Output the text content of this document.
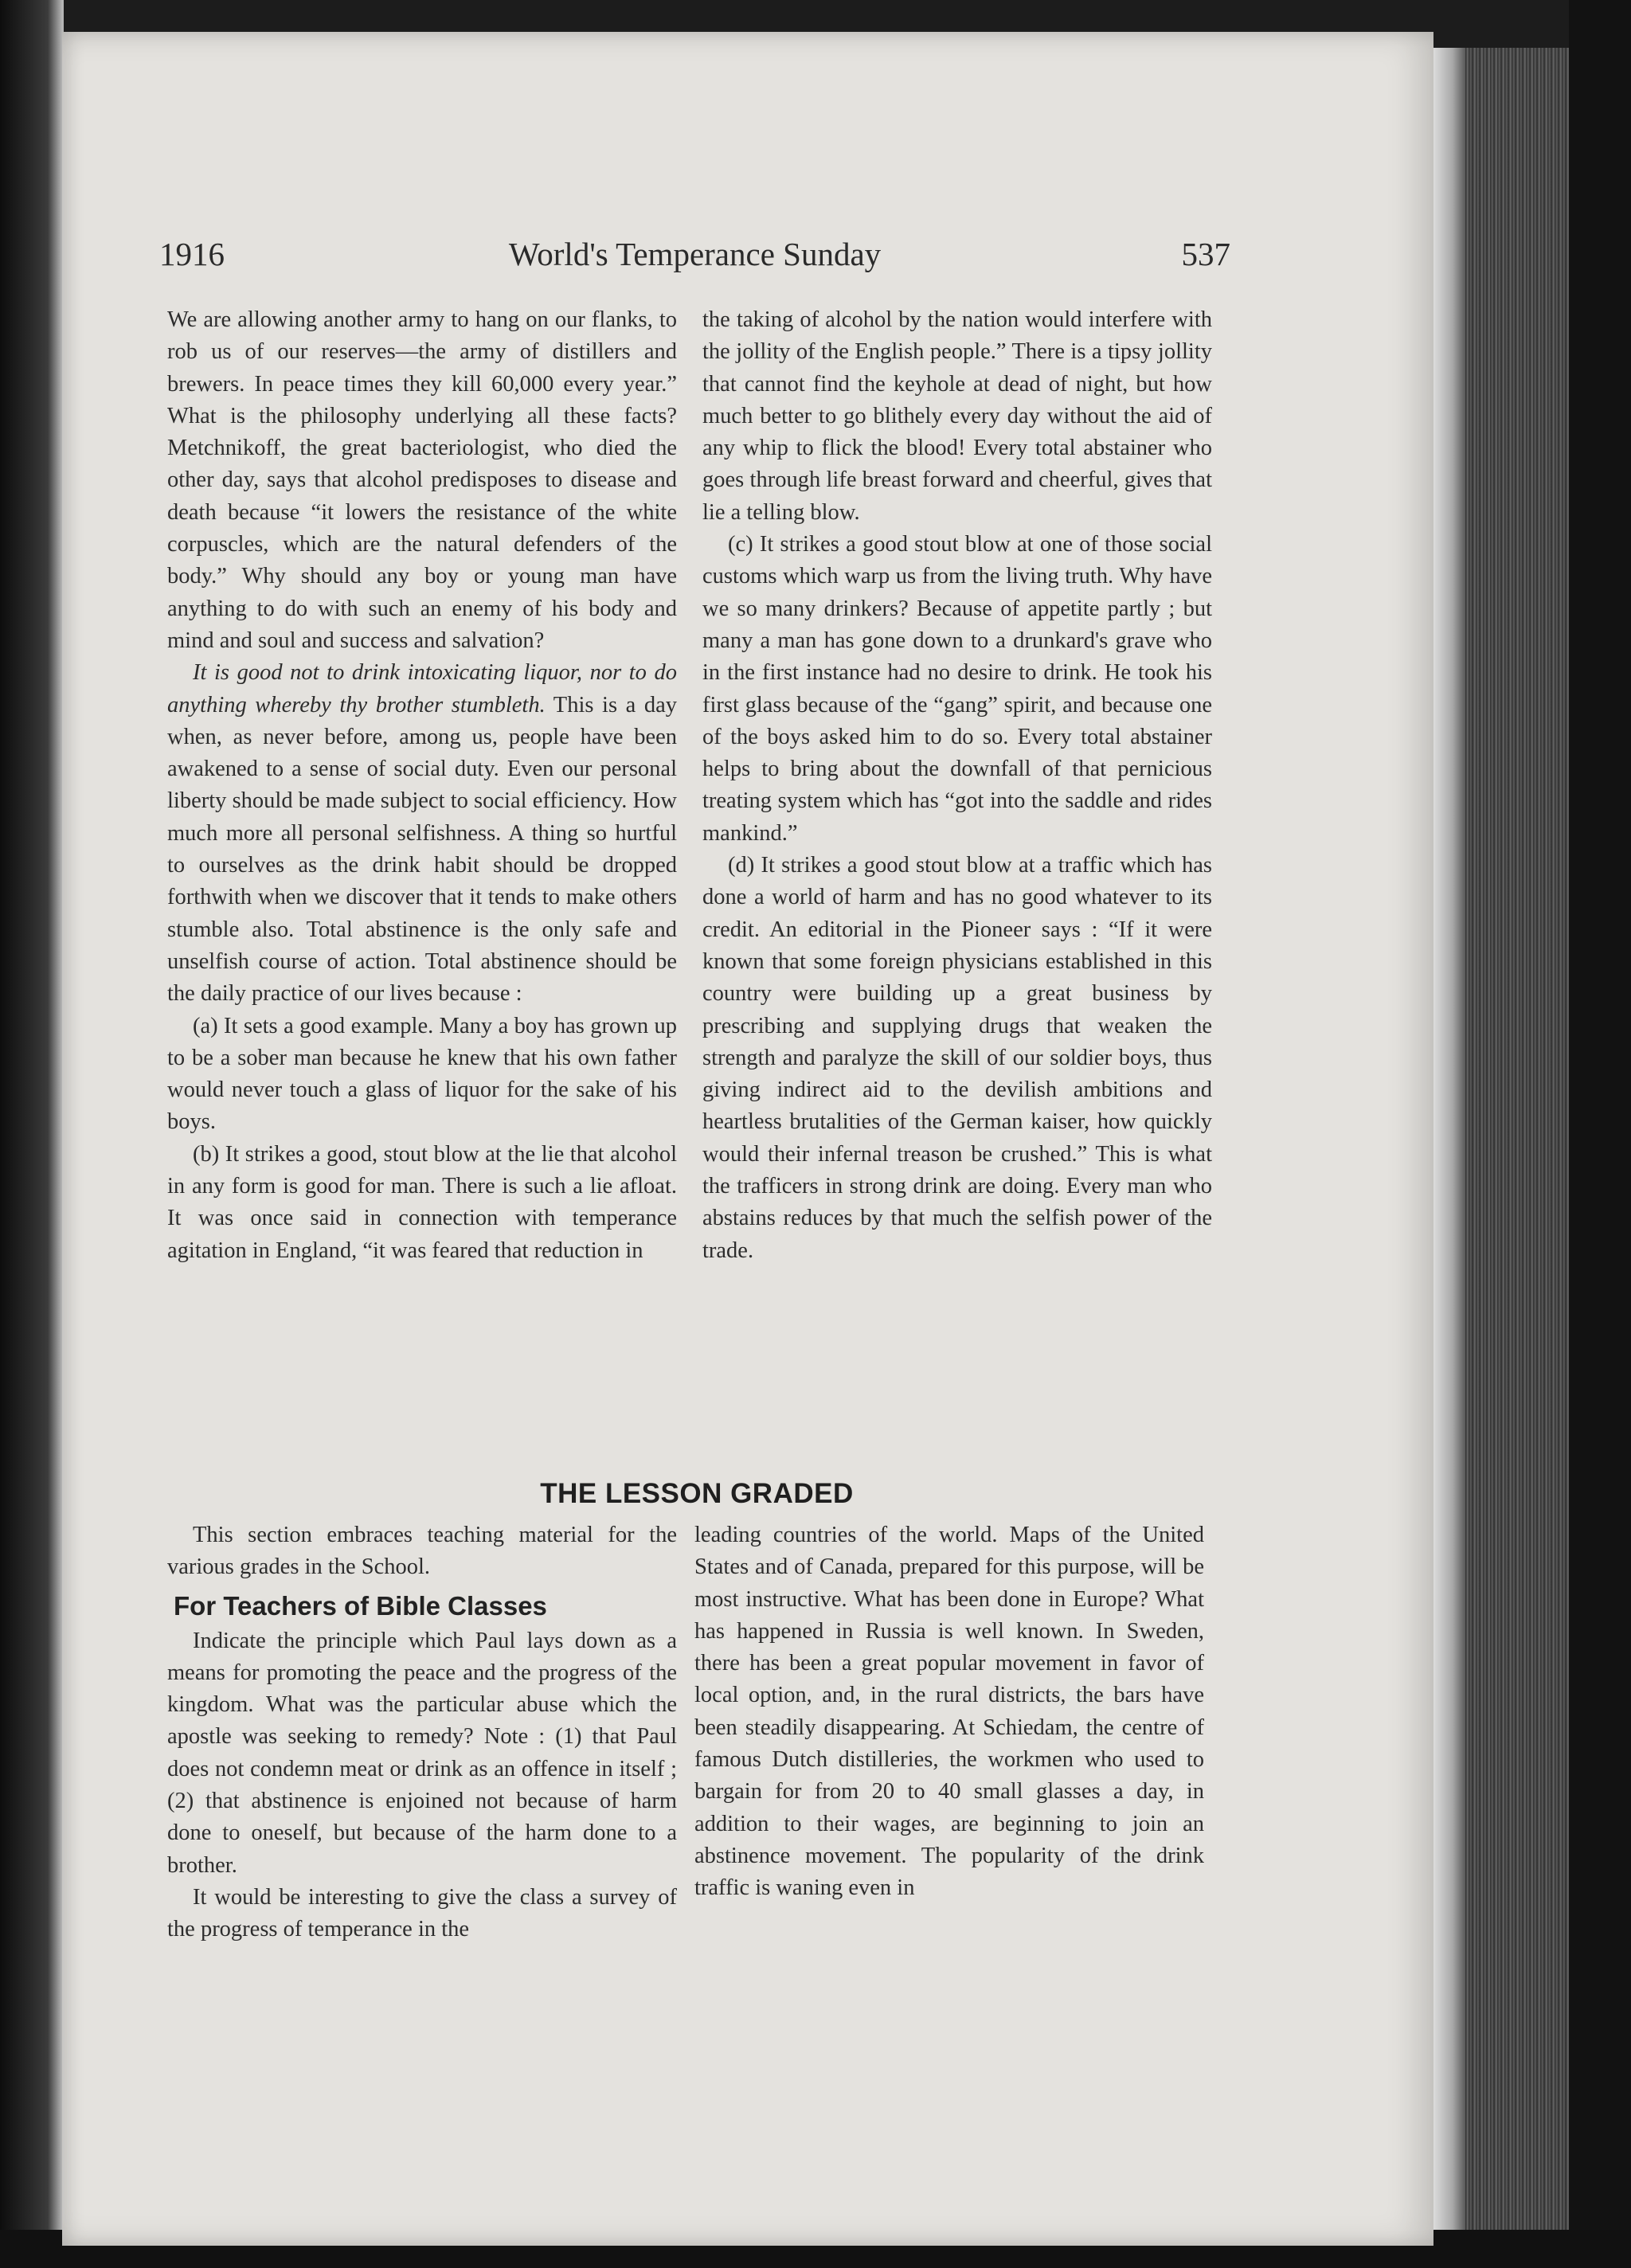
1916	World's Temperance Sunday	537

We are allowing another army to hang on our flanks, to rob us of our reserves—the army of distillers and brewers. In peace times they kill 60,000 every year.” What is the philosophy underlying all these facts? Metchnikoff, the great bacteriologist, who died the other day, says that alcohol predisposes to disease and death because “it lowers the resistance of the white corpuscles, which are the natural defenders of the body.” Why should any boy or young man have anything to do with such an enemy of his body and mind and soul and success and salvation?

It is good not to drink intoxicating liquor, nor to do anything whereby thy brother stumbleth. This is a day when, as never before, among us, people have been awakened to a sense of social duty. Even our personal liberty should be made subject to social efficiency. How much more all personal selfishness. A thing so hurtful to ourselves as the drink habit should be dropped forthwith when we discover that it tends to make others stumble also. Total abstinence is the only safe and unselfish course of action. Total abstinence should be the daily practice of our lives because :

(a) It sets a good example. Many a boy has grown up to be a sober man because he knew that his own father would never touch a glass of liquor for the sake of his boys.

(b) It strikes a good, stout blow at the lie that alcohol in any form is good for man. There is such a lie afloat. It was once said in connection with temperance agitation in England, “it was feared that reduction in

the taking of alcohol by the nation would interfere with the jollity of the English people.” There is a tipsy jollity that cannot find the keyhole at dead of night, but how much better to go blithely every day without the aid of any whip to flick the blood! Every total abstainer who goes through life breast forward and cheerful, gives that lie a telling blow.

(c) It strikes a good stout blow at one of those social customs which warp us from the living truth. Why have we so many drinkers? Because of appetite partly ; but many a man has gone down to a drunkard's grave who in the first instance had no desire to drink. He took his first glass because of the “gang” spirit, and because one of the boys asked him to do so. Every total abstainer helps to bring about the downfall of that pernicious treating system which has “got into the saddle and rides mankind.”

(d) It strikes a good stout blow at a traffic which has done a world of harm and has no good whatever to its credit. An editorial in the Pioneer says : “If it were known that some foreign physicians established in this country were building up a great business by prescribing and supplying drugs that weaken the strength and paralyze the skill of our soldier boys, thus giving indirect aid to the devilish ambitions and heartless brutalities of the German kaiser, how quickly would their infernal treason be crushed.” This is what the trafficers in strong drink are doing. Every man who abstains reduces by that much the selfish power of the trade.

THE LESSON GRADED

This section embraces teaching material for the various grades in the School.

For Teachers of Bible Classes

Indicate the principle which Paul lays down as a means for promoting the peace and the progress of the kingdom. What was the particular abuse which the apostle was seeking to remedy? Note : (1) that Paul does not condemn meat or drink as an offence in itself ; (2) that abstinence is enjoined not because of harm done to oneself, but because of the harm done to a brother.

It would be interesting to give the class a survey of the progress of temperance in the

leading countries of the world. Maps of the United States and of Canada, prepared for this purpose, will be most instructive. What has been done in Europe? What has happened in Russia is well known. In Sweden, there has been a great popular movement in favor of local option, and, in the rural districts, the bars have been steadily disappearing. At Schiedam, the centre of famous Dutch distilleries, the workmen who used to bargain for from 20 to 40 small glasses a day, in addition to their wages, are beginning to join an abstinence movement. The popularity of the drink traffic is waning even in
